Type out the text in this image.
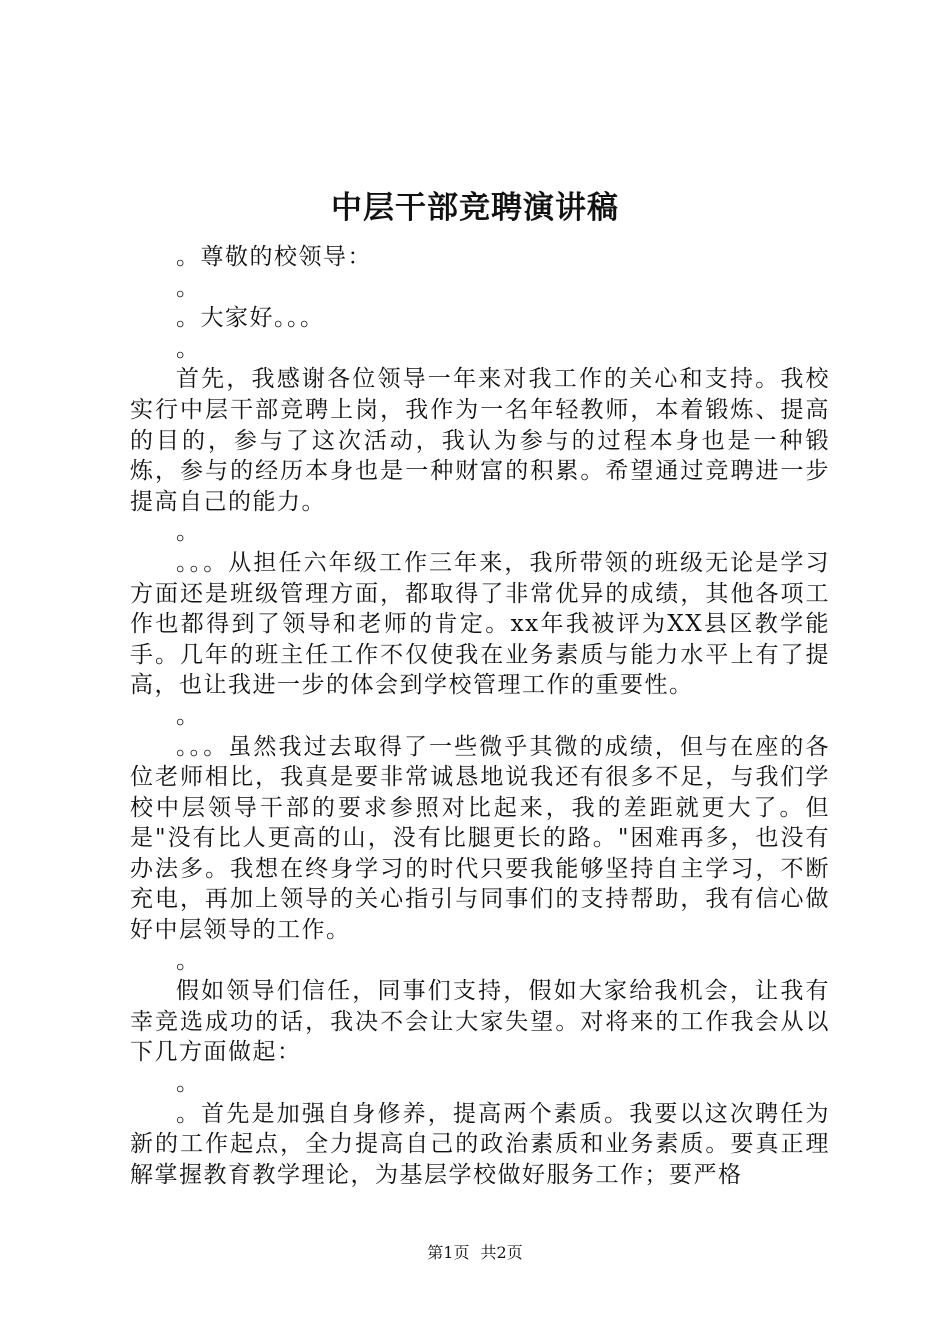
中层干部竞聘演讲稿

。尊敬的校领导：

。

。大家好。。。

。

首先，我感谢各位领导一年来对我工作的关心和支持。我校实行中层干部竞聘上岗，我作为一名年轻教师，本着锻炼、提高的目的，参与了这次活动，我认为参与的过程本身也是一种锻炼，参与的经历本身也是一种财富的积累。希望通过竞聘进一步提高自己的能力。

。

。。。从担任六年级工作三年来，我所带领的班级无论是学习方面还是班级管理方面，都取得了非常优异的成绩，其他各项工作也都得到了领导和老师的肯定。xx年我被评为XX县区教学能手。几年的班主任工作不仅使我在业务素质与能力水平上有了提高，也让我进一步的体会到学校管理工作的重要性。

。

。。。虽然我过去取得了一些微乎其微的成绩，但与在座的各位老师相比，我真是要非常诚恳地说我还有很多不足，与我们学校中层领导干部的要求参照对比起来，我的差距就更大了。但是"没有比人更高的山，没有比腿更长的路。"困难再多，也没有办法多。我想在终身学习的时代只要我能够坚持自主学习，不断充电，再加上领导的关心指引与同事们的支持帮助，我有信心做好中层领导的工作。

。

假如领导们信任，同事们支持，假如大家给我机会，让我有幸竞选成功的话，我决不会让大家失望。对将来的工作我会从以下几方面做起：

。

。首先是加强自身修养，提高两个素质。我要以这次聘任为新的工作起点，全力提高自己的政治素质和业务素质。要真正理解掌握教育教学理论，为基层学校做好服务工作；要严格

第1页 共2页
